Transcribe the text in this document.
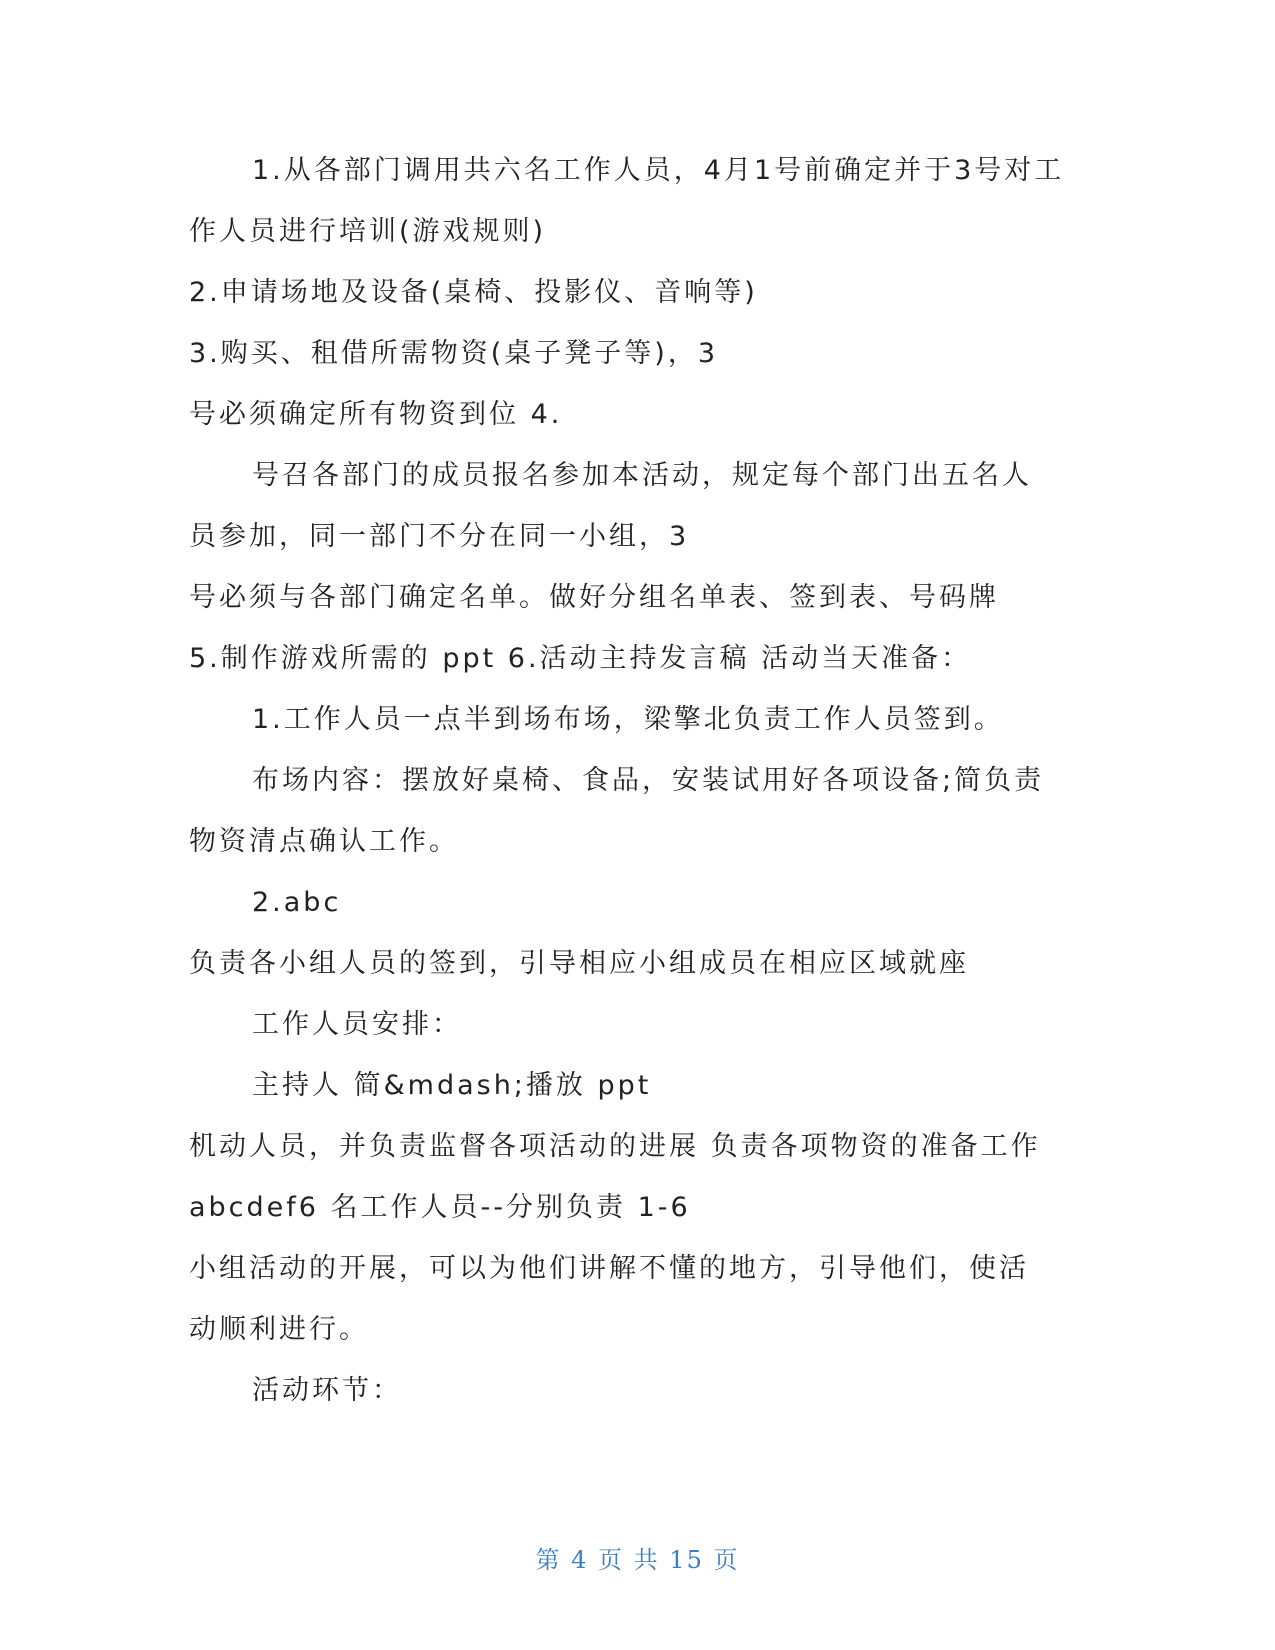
1.从各部门调用共六名工作人员，4月1号前确定并于3号对工
作人员进行培训(游戏规则)
2.申请场地及设备(桌椅、投影仪、音响等)
3.购买、租借所需物资(桌子凳子等)，3
号必须确定所有物资到位 4.
号召各部门的成员报名参加本活动，规定每个部门出五名人
员参加，同一部门不分在同一小组，3
号必须与各部门确定名单。做好分组名单表、签到表、号码牌
5.制作游戏所需的 ppt 6.活动主持发言稿 活动当天准备：
1.工作人员一点半到场布场，梁擎北负责工作人员签到。
布场内容：摆放好桌椅、食品，安装试用好各项设备;简负责
物资清点确认工作。
2.abc
负责各小组人员的签到，引导相应小组成员在相应区域就座
工作人员安排：
主持人 简&mdash;播放 ppt
机动人员，并负责监督各项活动的进展 负责各项物资的准备工作
abcdef6 名工作人员--分别负责 1-6
小组活动的开展，可以为他们讲解不懂的地方，引导他们，使活
动顺利进行。
活动环节：
第 4 页 共 15 页
